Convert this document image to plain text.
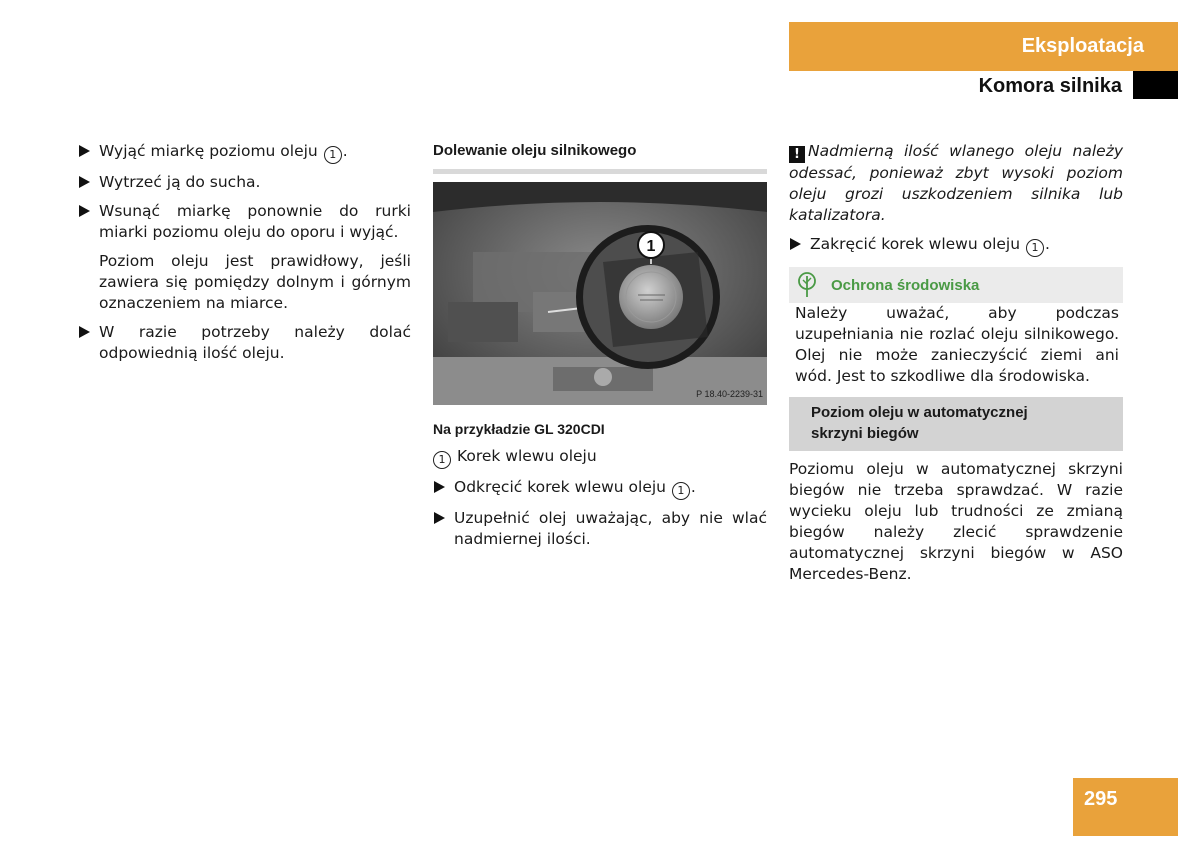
Eksploatacja
Komora silnika
Wyjąć miarkę poziomu oleju 1 .
Wytrzeć ją do sucha.
Wsunąć miarkę ponownie do rurki miarki poziomu oleju do oporu i wyjąć.
Poziom oleju jest prawidłowy, jeśli zawiera się pomiędzy dolnym i górnym oznaczeniem na miarce.
W razie potrzeby należy dolać odpowiednią ilość oleju.
Dolewanie oleju silnikowego
1
P 18.40-2239-31
Na przykładzie GL 320CDI
1 Korek wlewu oleju
Odkręcić korek wlewu oleju 1 .
Uzupełnić olej uważając, aby nie wlać nadmiernej ilości.
! Nadmierną ilość wlanego oleju należy odessać, ponieważ zbyt wysoki poziom oleju grozi uszkodzeniem silnika lub katalizatora.
Zakręcić korek wlewu oleju 1 .
Ochrona środowiska
Należy uważać, aby podczas uzupełniania nie rozlać oleju silnikowego. Olej nie może zanieczyścić ziemi ani wód. Jest to szkodliwe dla środowiska.
Poziom oleju w automatycznej
skrzyni biegów
Poziomu oleju w automatycznej skrzyni biegów nie trzeba sprawdzać. W razie wycieku oleju lub trudności ze zmianą biegów należy zlecić sprawdzenie automatycznej skrzyni biegów w ASO Mercedes-Benz.
295
